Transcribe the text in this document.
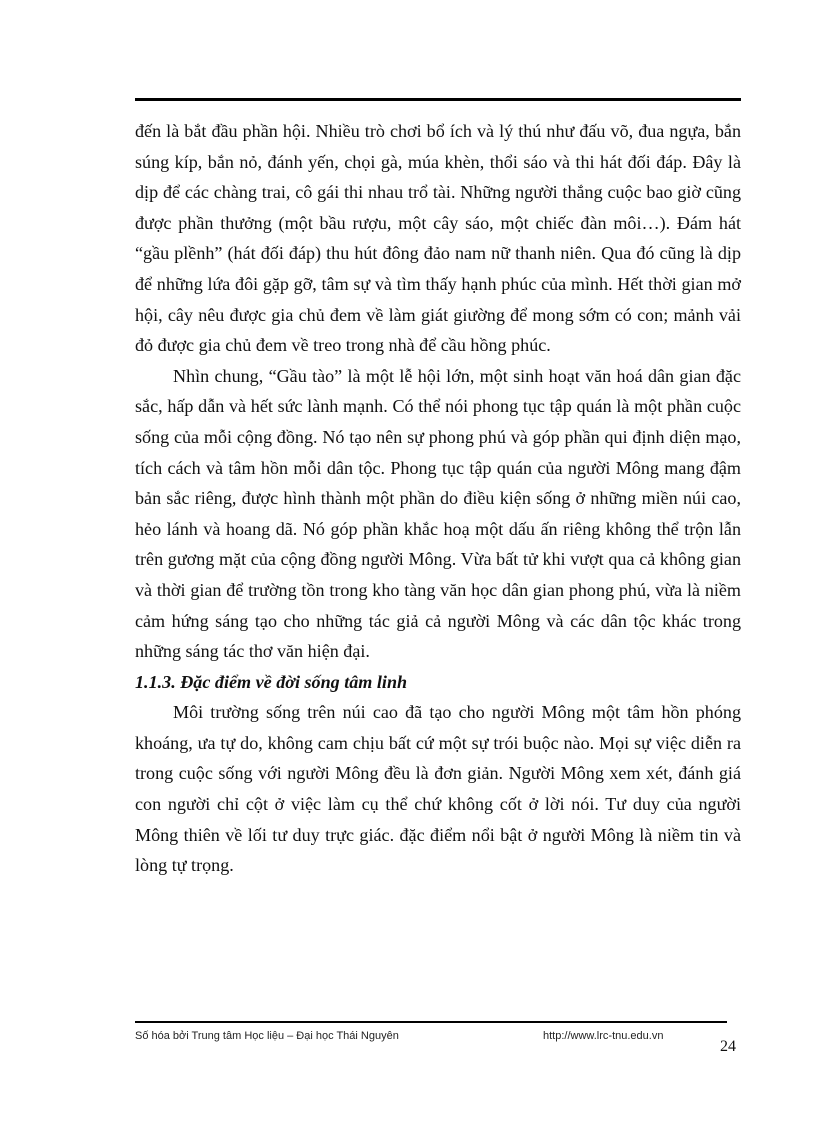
đến là bắt đầu phần hội. Nhiều trò chơi bổ ích và lý thú như đấu võ, đua ngựa, bắn súng kíp, bắn nỏ, đánh yến, chọi gà, múa khèn, thổi sáo và thi hát đối đáp. Đây là dịp để các chàng trai, cô gái thi nhau trổ tài. Những người thắng cuộc bao giờ cũng được phần thưởng (một bầu rượu, một cây sáo, một chiếc đàn môi…). Đám hát “gầu plềnh” (hát đối đáp) thu hút đông đảo nam nữ thanh niên. Qua đó cũng là dịp để những lứa đôi gặp gỡ, tâm sự và tìm thấy hạnh phúc của mình. Hết thời gian mở hội, cây nêu được gia chủ đem về làm giát giường để mong sớm có con; mảnh vải đỏ được gia chủ đem về treo trong nhà để cầu hồng phúc.

Nhìn chung, “Gầu tào” là một lễ hội lớn, một sinh hoạt văn hoá dân gian đặc sắc, hấp dẫn và hết sức lành mạnh. Có thể nói phong tục tập quán là một phần cuộc sống của mỗi cộng đồng. Nó tạo nên sự phong phú và góp phần qui định diện mạo, tích cách và tâm hồn mỗi dân tộc. Phong tục tập quán của người Mông mang đậm bản sắc riêng, được hình thành một phần do điều kiện sống ở những miền núi cao, hẻo lánh và hoang dã. Nó góp phần khắc hoạ một dấu ấn riêng không thể trộn lẫn trên gương mặt của cộng đồng người Mông. Vừa bất tử khi vượt qua cả không gian và thời gian để trường tồn trong kho tàng văn học dân gian phong phú, vừa là niềm cảm hứng sáng tạo cho những tác giả cả người Mông và các dân tộc khác trong những sáng tác thơ văn hiện đại.

1.1.3. Đặc điểm về đời sống tâm linh

Môi trường sống trên núi cao đã tạo cho người Mông một tâm hồn phóng khoáng, ưa tự do, không cam chịu bất cứ một sự trói buộc nào. Mọi sự việc diễn ra trong cuộc sống với người Mông đều là đơn giản. Người Mông xem xét, đánh giá con người chỉ cột ở việc làm cụ thể chứ không cốt ở lời nói. Tư duy của người Mông thiên về lối tư duy trực giác. đặc điểm nổi bật ở người Mông là niềm tin và lòng tự trọng.

Số hóa bởi Trung tâm Học liệu – Đại học Thái Nguyên	http://www.lrc-tnu.edu.vn
24
